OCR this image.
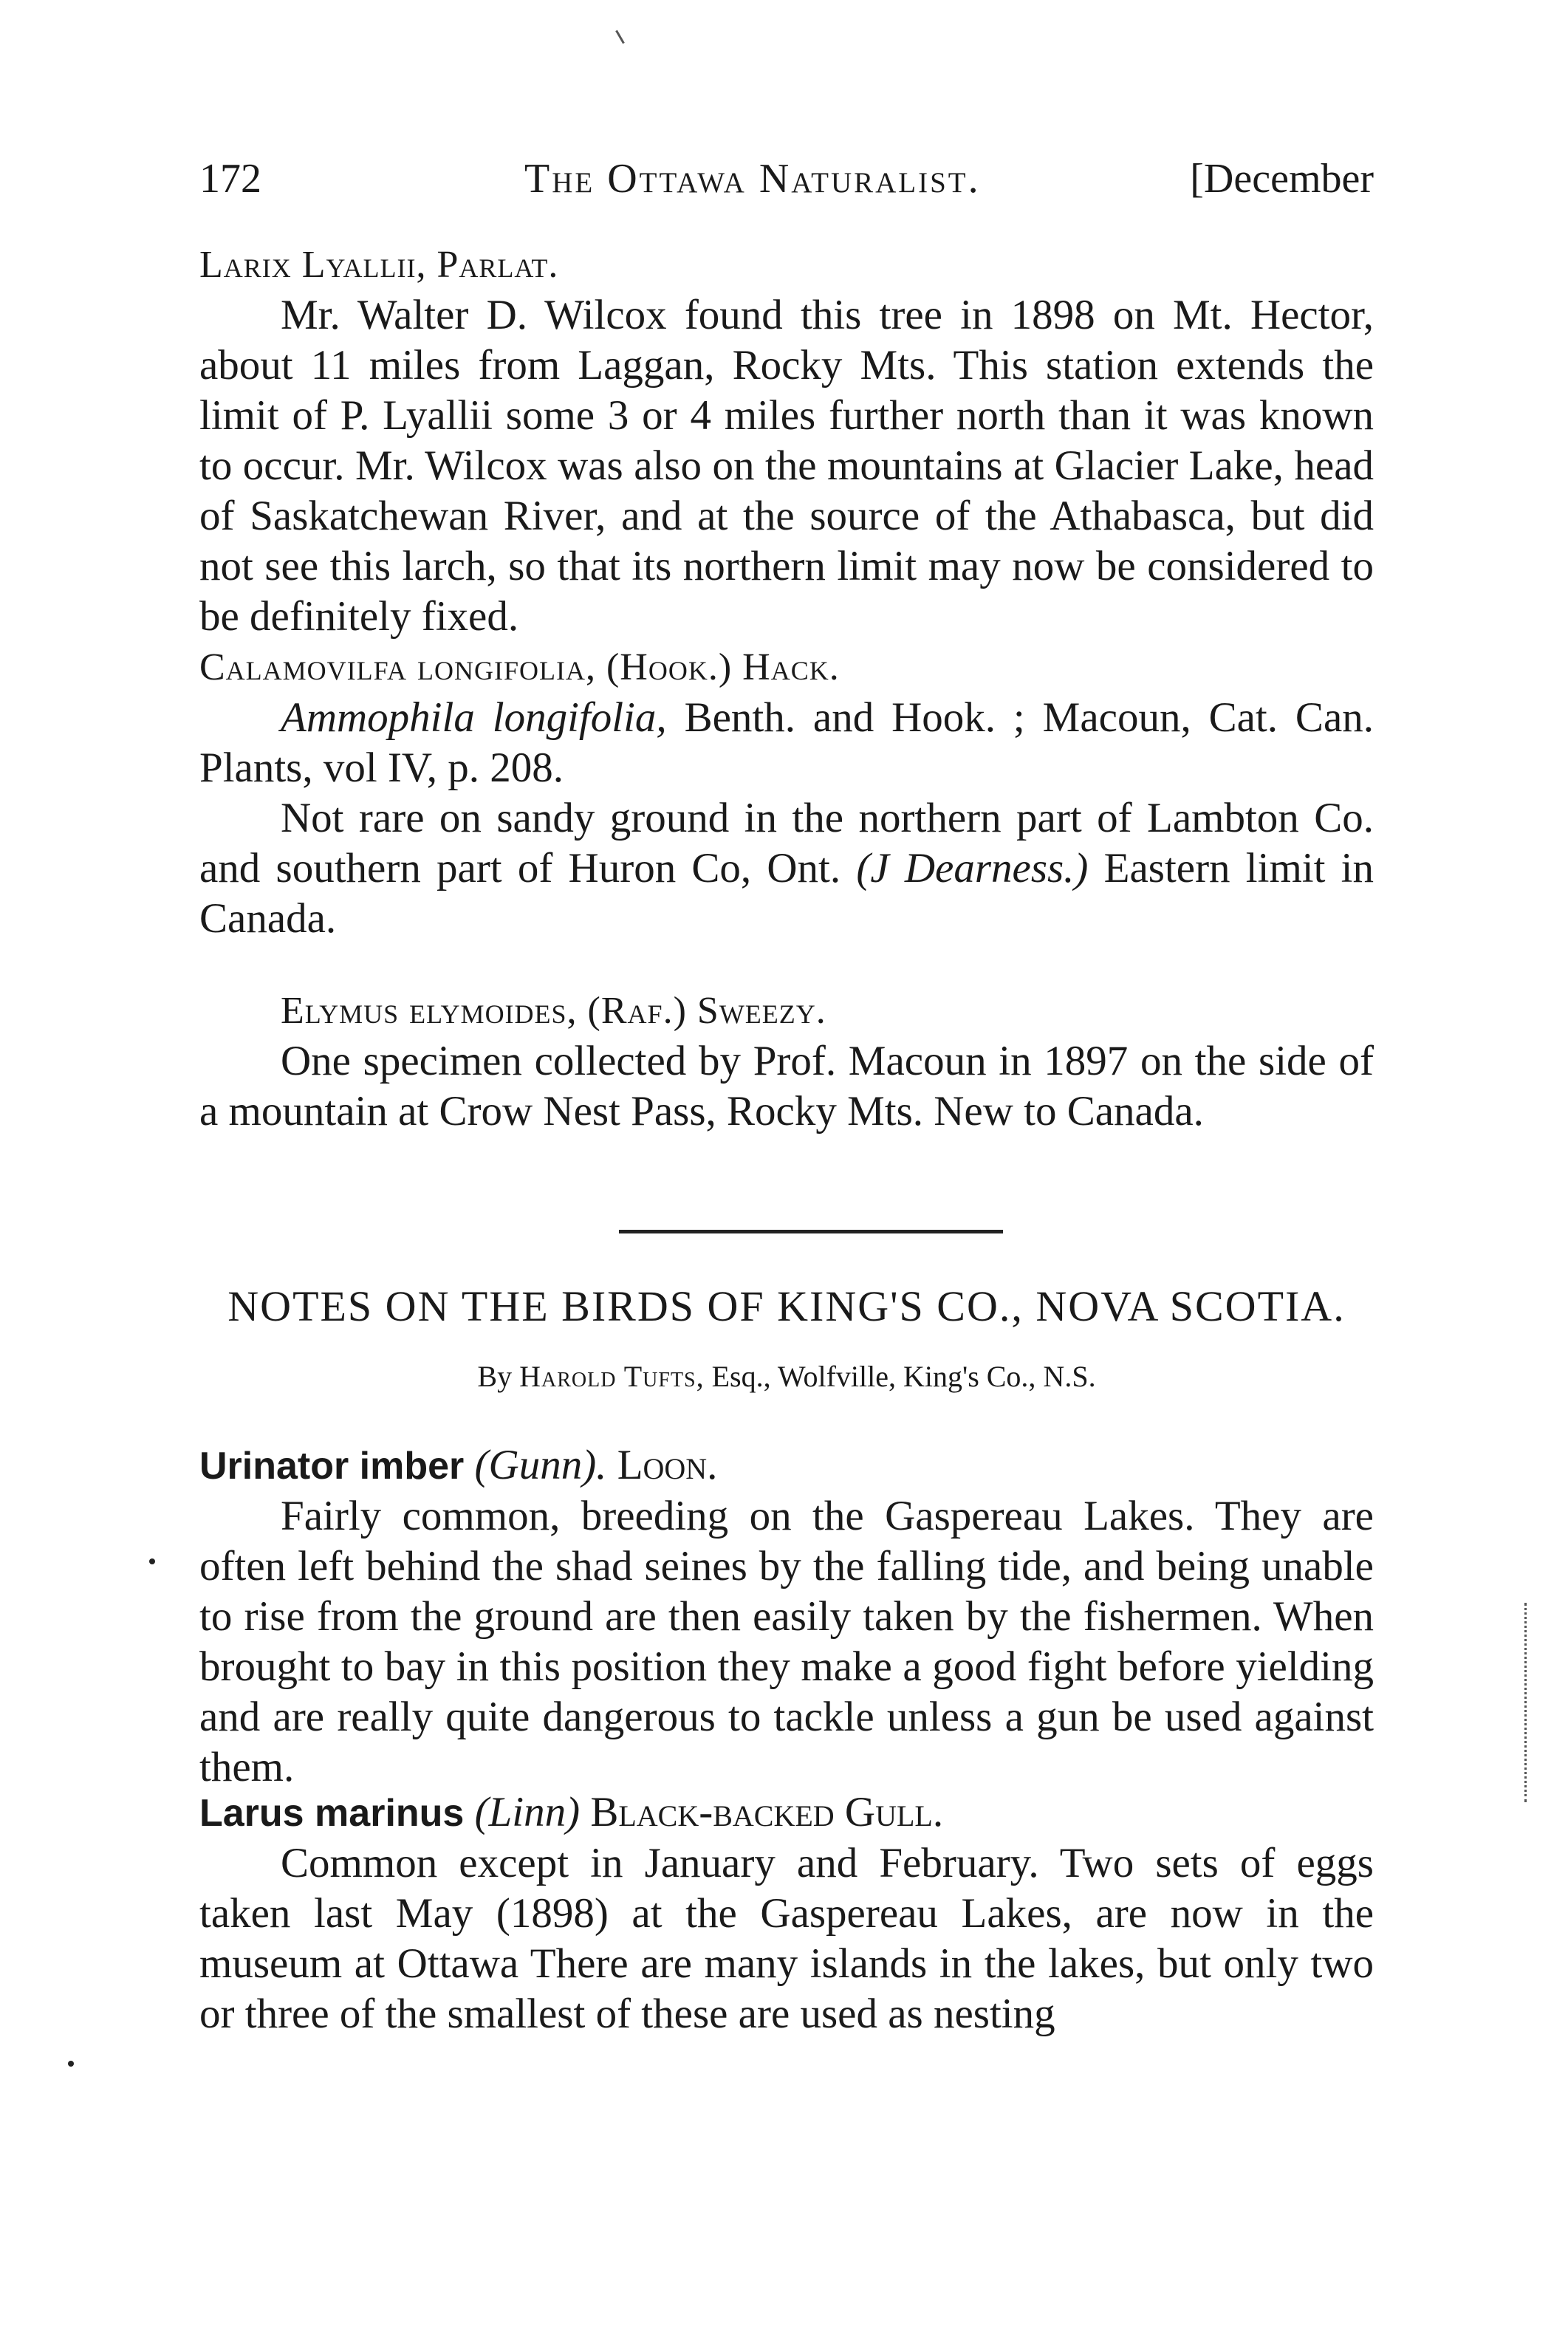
172	The Ottawa Naturalist.	[December

Larix Lyallii, Parlat.

Mr. Walter D. Wilcox found this tree in 1898 on Mt. Hector, about 11 miles from Laggan, Rocky Mts. This station extends the limit of P. Lyallii some 3 or 4 miles further north than it was known to occur. Mr. Wilcox was also on the mountains at Glacier Lake, head of Saskatchewan River, and at the source of the Athabasca, but did not see this larch, so that its northern limit may now be considered to be definitely fixed.

Calamovilfa longifolia, (Hook.) Hack.

Ammophila longifolia, Benth. and Hook. ; Macoun, Cat. Can. Plants, vol IV, p. 208.

Not rare on sandy ground in the northern part of Lambton Co. and southern part of Huron Co, Ont. (J Dearness.) Eastern limit in Canada.

Elymus elymoides, (Raf.) Sweezy.

One specimen collected by Prof. Macoun in 1897 on the side of a mountain at Crow Nest Pass, Rocky Mts. New to Canada.

NOTES ON THE BIRDS OF KING'S CO., NOVA SCOTIA.
By Harold Tufts, Esq., Wolfville, King's Co., N.S.

Urinator imber (Gunn). Loon.

Fairly common, breeding on the Gaspereau Lakes. They are often left behind the shad seines by the falling tide, and being unable to rise from the ground are then easily taken by the fishermen. When brought to bay in this position they make a good fight before yielding and are really quite dangerous to tackle unless a gun be used against them.

Larus marinus (Linn) Black-backed Gull.

Common except in January and February. Two sets of eggs taken last May (1898) at the Gaspereau Lakes, are now in the museum at Ottawa There are many islands in the lakes, but only two or three of the smallest of these are used as nesting
